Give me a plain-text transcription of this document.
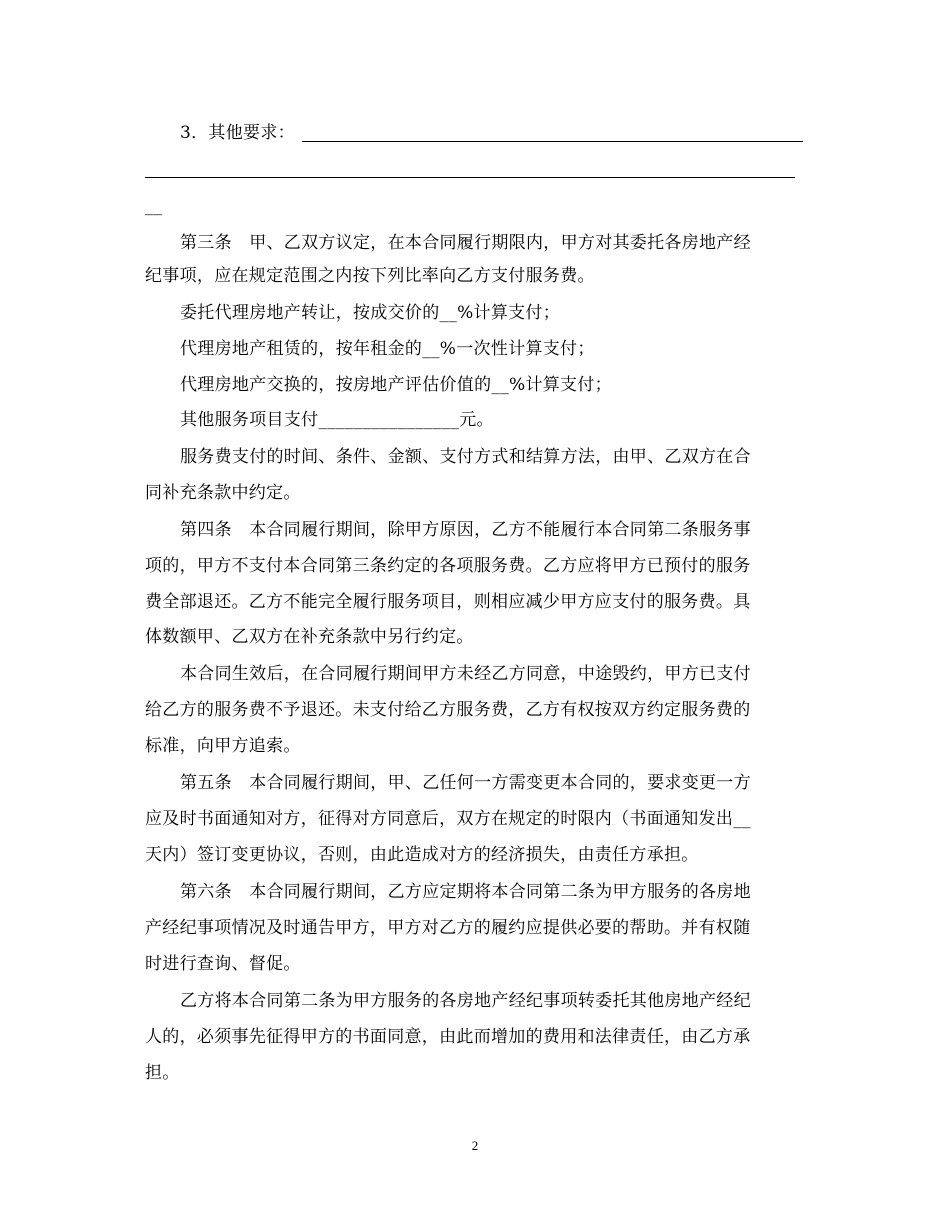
3．其他要求：
__
第三条　甲、乙双方议定，在本合同履行期限内，甲方对其委托各房地产经
纪事项，应在规定范围之内按下列比率向乙方支付服务费。
委托代理房地产转让，按成交价的__%计算支付；
代理房地产租赁的，按年租金的__%一次性计算支付；
代理房地产交换的，按房地产评估价值的__%计算支付；
其他服务项目支付________________元。
服务费支付的时间、条件、金额、支付方式和结算方法，由甲、乙双方在合
同补充条款中约定。
第四条　本合同履行期间，除甲方原因，乙方不能履行本合同第二条服务事
项的，甲方不支付本合同第三条约定的各项服务费。乙方应将甲方已预付的服务
费全部退还。乙方不能完全履行服务项目，则相应减少甲方应支付的服务费。具
体数额甲、乙双方在补充条款中另行约定。
本合同生效后，在合同履行期间甲方未经乙方同意，中途毁约，甲方已支付
给乙方的服务费不予退还。未支付给乙方服务费，乙方有权按双方约定服务费的
标准，向甲方追索。
第五条　本合同履行期间，甲、乙任何一方需变更本合同的，要求变更一方
应及时书面通知对方，征得对方同意后，双方在规定的时限内（书面通知发出__
天内）签订变更协议，否则，由此造成对方的经济损失，由责任方承担。
第六条　本合同履行期间，乙方应定期将本合同第二条为甲方服务的各房地
产经纪事项情况及时通告甲方，甲方对乙方的履约应提供必要的帮助。并有权随
时进行查询、督促。
乙方将本合同第二条为甲方服务的各房地产经纪事项转委托其他房地产经纪
人的，必须事先征得甲方的书面同意，由此而增加的费用和法律责任，由乙方承
担。
2
